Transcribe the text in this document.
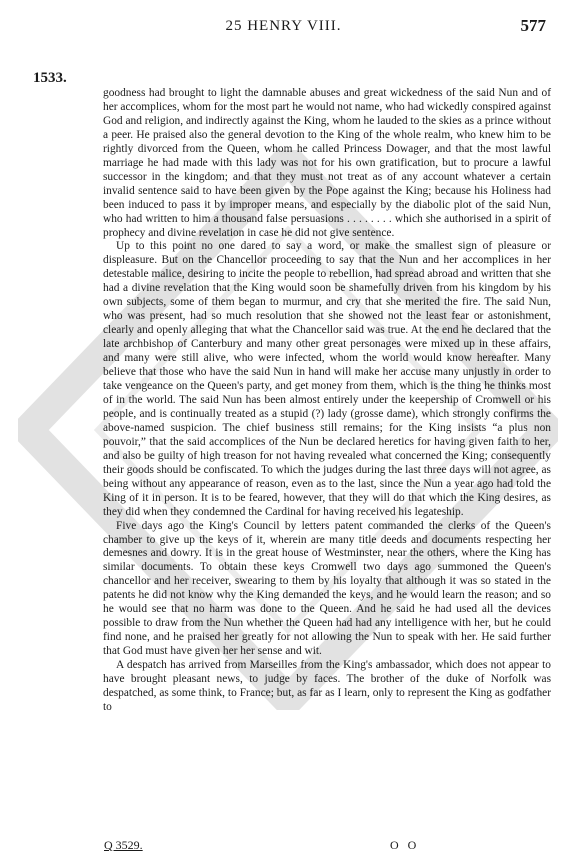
25 HENRY VIII.	577
1533.

goodness had brought to light the damnable abuses and great wickedness of the said Nun and of her accomplices, whom for the most part he would not name, who had wickedly conspired against God and religion, and indirectly against the King, whom he lauded to the skies as a prince without a peer. He praised also the general devotion to the King of the whole realm, who knew him to be rightly divorced from the Queen, whom he called Princess Dowager, and that the most lawful marriage he had made with this lady was not for his own gratification, but to procure a lawful successor in the kingdom; and that they must not treat as of any account whatever a certain invalid sentence said to have been given by the Pope against the King; because his Holiness had been induced to pass it by improper means, and especially by the diabolic plot of the said Nun, who had written to him a thousand false persuasions . . . . . . . . which she authorised in a spirit of prophecy and divine revelation in case he did not give sentence.

Up to this point no one dared to say a word, or make the smallest sign of pleasure or displeasure. But on the Chancellor proceeding to say that the Nun and her accomplices in her detestable malice, desiring to incite the people to rebellion, had spread abroad and written that she had a divine revelation that the King would soon be shamefully driven from his kingdom by his own subjects, some of them began to murmur, and cry that she merited the fire. The said Nun, who was present, had so much resolution that she showed not the least fear or astonishment, clearly and openly alleging that what the Chancellor said was true. At the end he declared that the late archbishop of Canterbury and many other great personages were mixed up in these affairs, and many were still alive, who were infected, whom the world would know hereafter. Many believe that those who have the said Nun in hand will make her accuse many unjustly in order to take vengeance on the Queen's party, and get money from them, which is the thing he thinks most of in the world. The said Nun has been almost entirely under the keepership of Cromwell or his people, and is continually treated as a stupid (?) lady (grosse dame), which strongly confirms the above-named suspicion. The chief business still remains; for the King insists “a plus non pouvoir,” that the said accomplices of the Nun be declared heretics for having given faith to her, and also be guilty of high treason for not having revealed what concerned the King; consequently their goods should be confiscated. To which the judges during the last three days will not agree, as being without any appearance of reason, even as to the last, since the Nun a year ago had told the King of it in person. It is to be feared, however, that they will do that which the King desires, as they did when they condemned the Cardinal for having received his legateship.

Five days ago the King's Council by letters patent commanded the clerks of the Queen's chamber to give up the keys of it, wherein are many title deeds and documents respecting her demesnes and dowry. It is in the great house of Westminster, near the others, where the King has similar documents. To obtain these keys Cromwell two days ago summoned the Queen's chancellor and her receiver, swearing to them by his loyalty that although it was so stated in the patents he did not know why the King demanded the keys, and he would learn the reason; and so he would see that no harm was done to the Queen. And he said he had used all the devices possible to draw from the Nun whether the Queen had had any intelligence with her, but he could find none, and he praised her greatly for not allowing the Nun to speak with her. He said further that God must have given her her sense and wit.

A despatch has arrived from Marseilles from the King's ambassador, which does not appear to have brought pleasant news, to judge by faces. The brother of the duke of Norfolk was despatched, as some think, to France; but, as far as I learn, only to represent the King as godfather to

Q 3529.	O O
